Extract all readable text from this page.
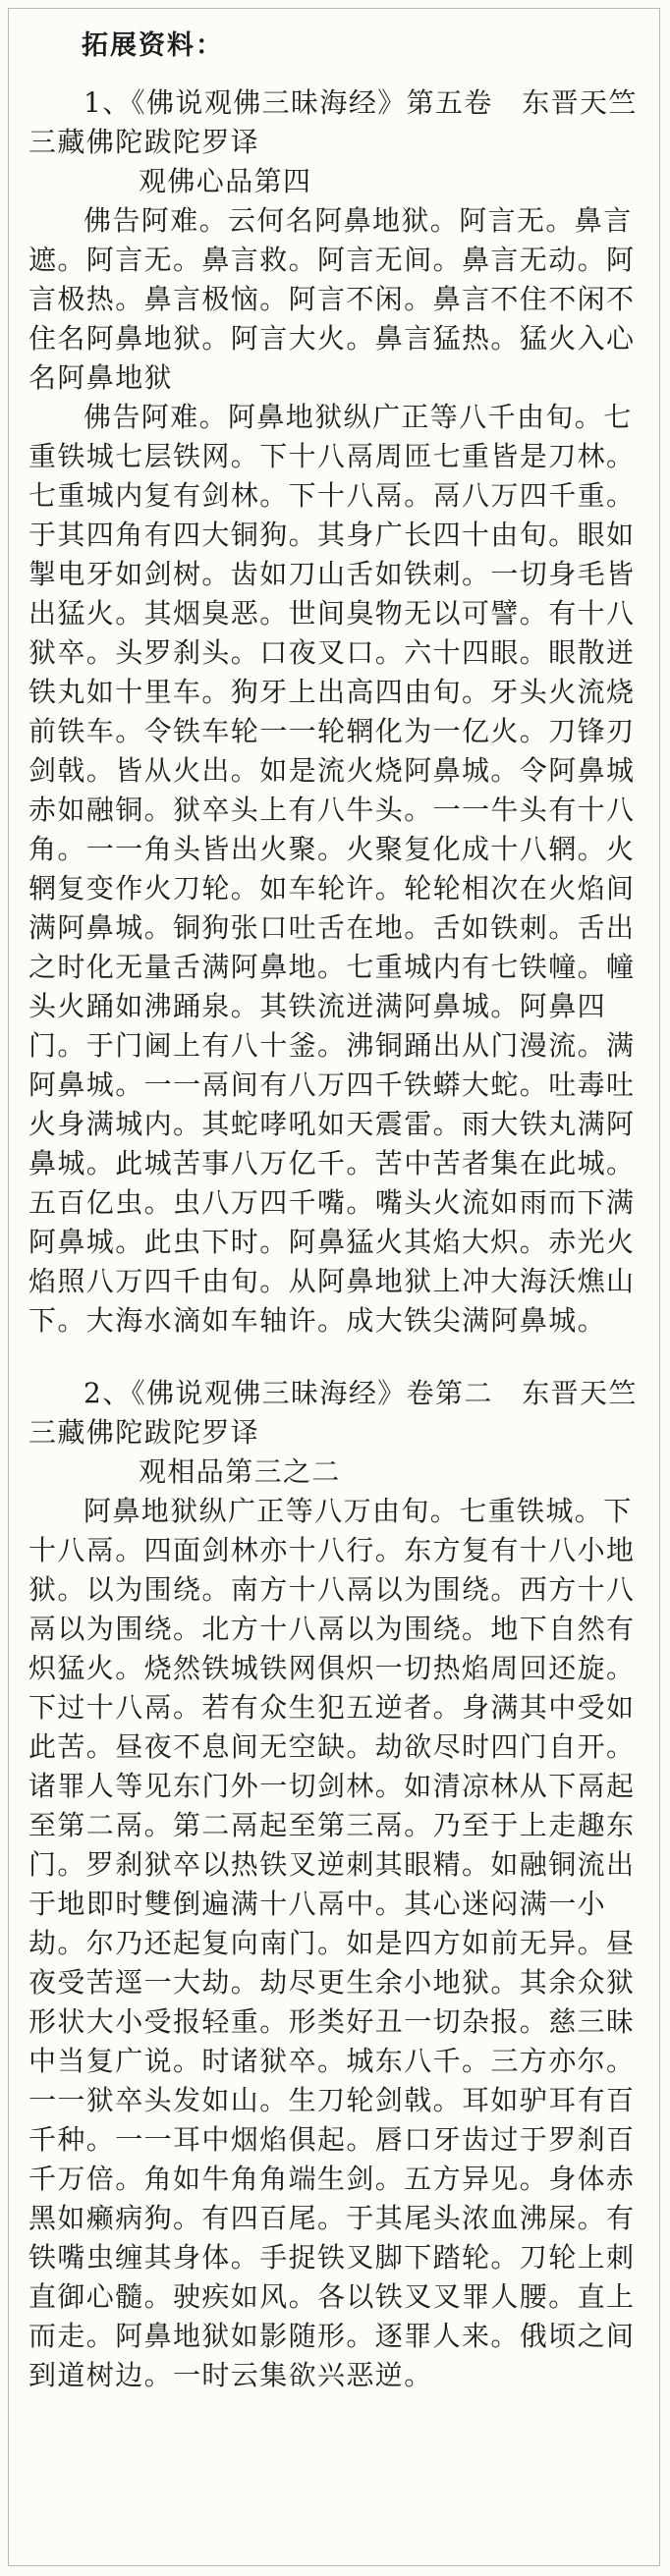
拓展资料：

1、《佛说观佛三昧海经》第五卷　东晋天竺三藏佛陀跋陀罗译

观佛心品第四

佛告阿难。云何名阿鼻地狱。阿言无。鼻言遮。阿言无。鼻言救。阿言无间。鼻言无动。阿言极热。鼻言极恼。阿言不闲。鼻言不住不闲不住名阿鼻地狱。阿言大火。鼻言猛热。猛火入心名阿鼻地狱

佛告阿难。阿鼻地狱纵广正等八千由旬。七重铁城七层铁网。下十八鬲周匝七重皆是刀林。七重城内复有剑林。下十八鬲。鬲八万四千重。于其四角有四大铜狗。其身广长四十由旬。眼如掣电牙如剑树。齿如刀山舌如铁刺。一切身毛皆出猛火。其烟臭恶。世间臭物无以可譬。有十八狱卒。头罗刹头。口夜叉口。六十四眼。眼散迸铁丸如十里车。狗牙上出高四由旬。牙头火流烧前铁车。令铁车轮一一轮辋化为一亿火。刀锋刃剑戟。皆从火出。如是流火烧阿鼻城。令阿鼻城赤如融铜。狱卒头上有八牛头。一一牛头有十八角。一一角头皆出火聚。火聚复化成十八辋。火辋复变作火刀轮。如车轮许。轮轮相次在火焰间满阿鼻城。铜狗张口吐舌在地。舌如铁刺。舌出之时化无量舌满阿鼻地。七重城内有七铁幢。幢头火踊如沸踊泉。其铁流迸满阿鼻城。阿鼻四门。于门阃上有八十釜。沸铜踊出从门漫流。满阿鼻城。一一鬲间有八万四千铁蟒大蛇。吐毒吐火身满城内。其蛇哮吼如天震雷。雨大铁丸满阿鼻城。此城苦事八万亿千。苦中苦者集在此城。五百亿虫。虫八万四千嘴。嘴头火流如雨而下满阿鼻城。此虫下时。阿鼻猛火其焰大炽。赤光火焰照八万四千由旬。从阿鼻地狱上冲大海沃燋山下。大海水滴如车轴许。成大铁尖满阿鼻城。

2、《佛说观佛三昧海经》卷第二　东晋天竺三藏佛陀跋陀罗译

观相品第三之二

阿鼻地狱纵广正等八万由旬。七重铁城。下十八鬲。四面剑林亦十八行。东方复有十八小地狱。以为围绕。南方十八鬲以为围绕。西方十八鬲以为围绕。北方十八鬲以为围绕。地下自然有炽猛火。烧然铁城铁网俱炽一切热焰周回还旋。下过十八鬲。若有众生犯五逆者。身满其中受如此苦。昼夜不息间无空缺。劫欲尽时四门自开。诸罪人等见东门外一切剑林。如清凉林从下鬲起至第二鬲。第二鬲起至第三鬲。乃至于上走趣东门。罗刹狱卒以热铁叉逆刺其眼精。如融铜流出于地即时雙倒遍满十八鬲中。其心迷闷满一小劫。尔乃还起复向南门。如是四方如前无异。昼夜受苦逕一大劫。劫尽更生余小地狱。其余众狱形状大小受报轻重。形类好丑一切杂报。慈三昧中当复广说。时诸狱卒。城东八千。三方亦尔。一一狱卒头发如山。生刀轮剑戟。耳如驴耳有百千种。一一耳中烟焰俱起。唇口牙齿过于罗刹百千万倍。角如牛角角端生剑。五方异见。身体赤黑如癞病狗。有四百尾。于其尾头浓血沸屎。有铁嘴虫缠其身体。手捉铁叉脚下踏轮。刀轮上刺直御心髓。驶疾如风。各以铁叉叉罪人腰。直上而走。阿鼻地狱如影随形。逐罪人来。俄顷之间到道树边。一时云集欲兴恶逆。
